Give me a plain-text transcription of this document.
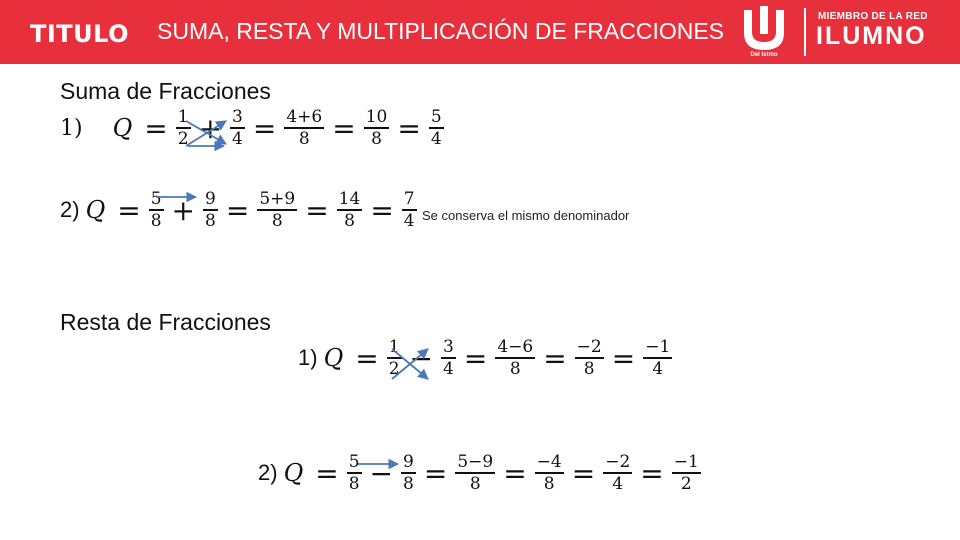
TITULO SUMA, RESTA Y MULTIPLICACIÓN DE FRACCIONES
Del Istmo
MIEMBRO DE LA RED
ILUMNO
Suma de Fracciones
1) Q = 1
2 + 3
4 = 4+6
8 = 10
8 = 5
4
2) Q = 5
8 + 9
8 = 5+9
8 = 14
8 = 7
4 Se conserva el mismo denominador
Resta de Fracciones
1) Q = 1
2 − 3
4 = 4−6
8 = −2
8 = −1
4
2) Q = 5
8 − 9
8 = 5−9
8 = −4
8 = −2
4 = −1
2
